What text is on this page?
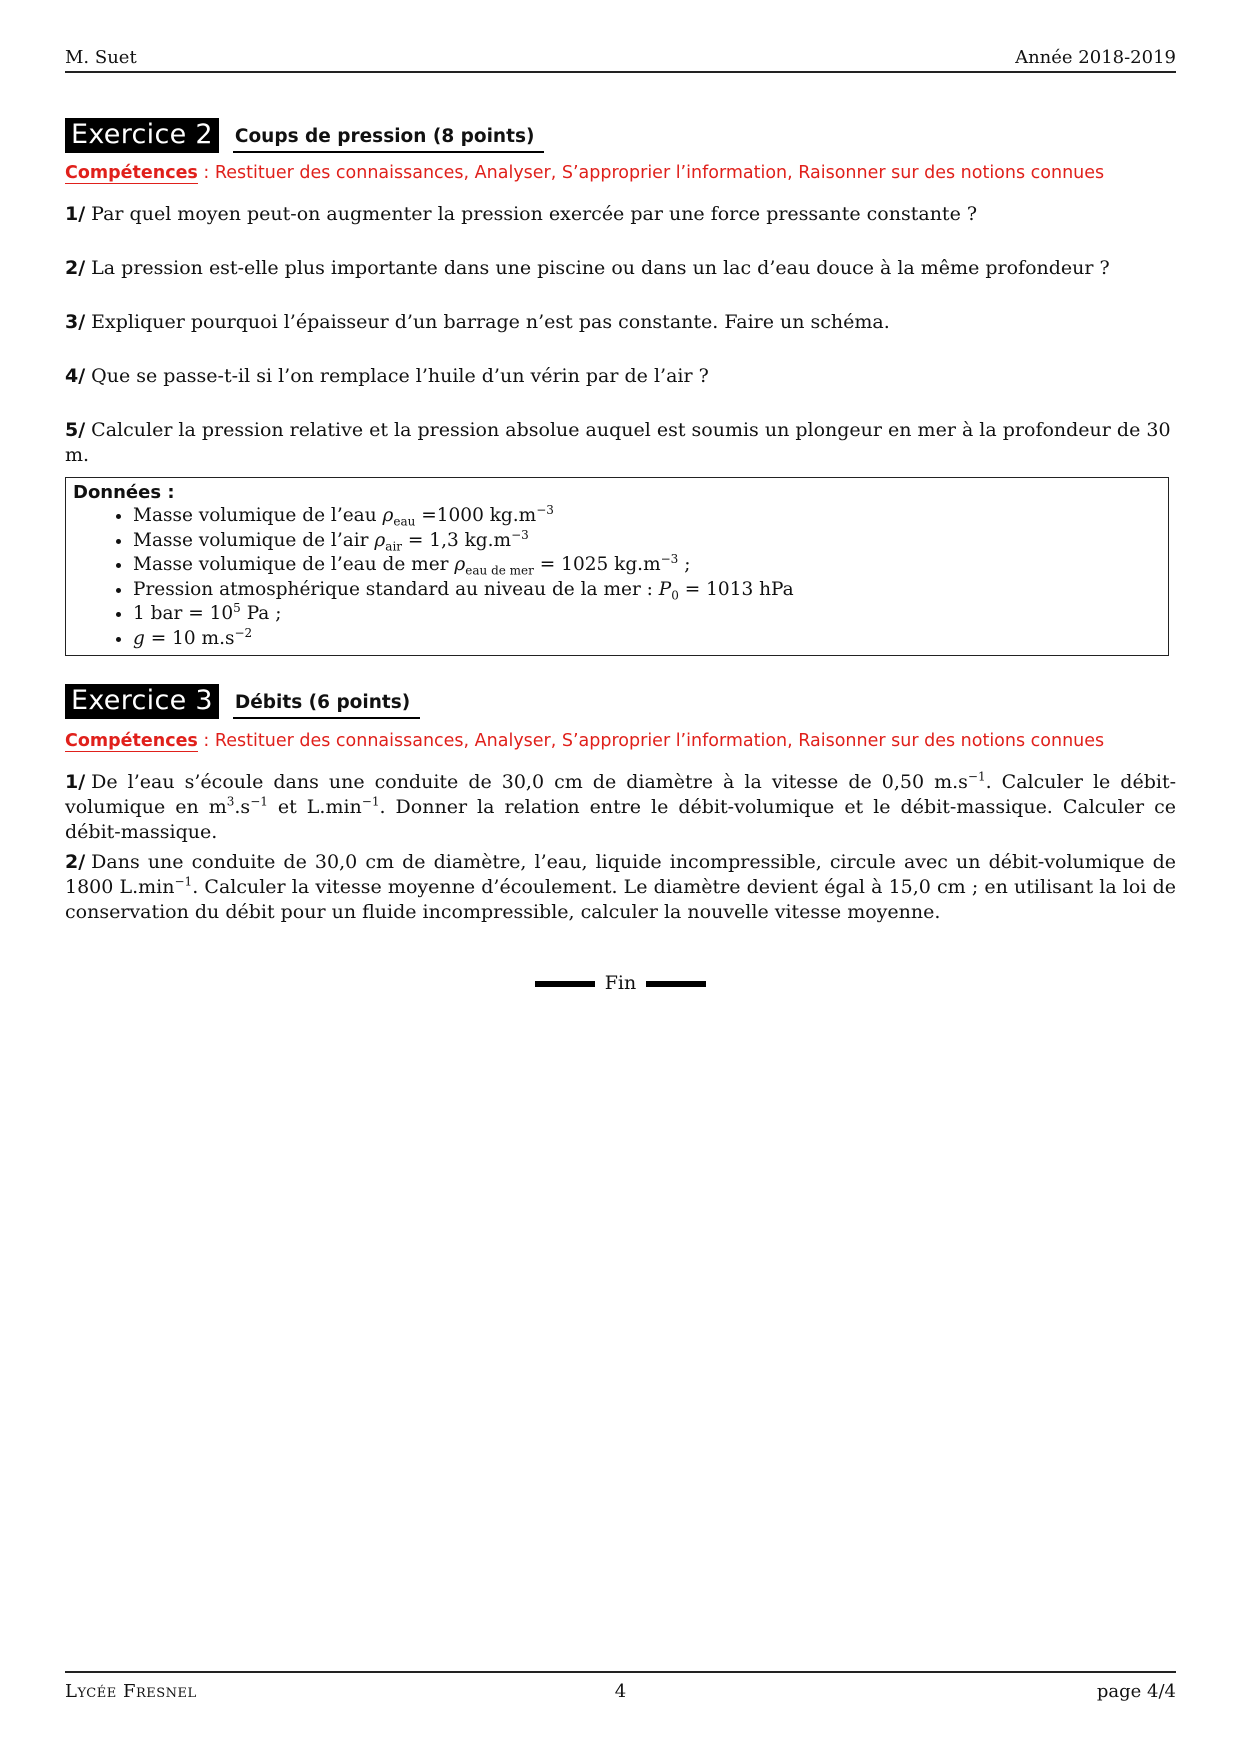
M. Suet	Année 2018-2019
Exercice 2	Coups de pression (8 points)
Compétences : Restituer des connaissances, Analyser, S’approprier l’information, Raisonner sur des notions connues
1/ Par quel moyen peut-on augmenter la pression exercée par une force pressante constante ?
2/ La pression est-elle plus importante dans une piscine ou dans un lac d’eau douce à la même profondeur ?
3/ Expliquer pourquoi l’épaisseur d’un barrage n’est pas constante. Faire un schéma.
4/ Que se passe-t-il si l’on remplace l’huile d’un vérin par de l’air ?
5/ Calculer la pression relative et la pression absolue auquel est soumis un plongeur en mer à la profondeur de 30 m.
Données :
• Masse volumique de l’eau $\rho_{eau} =1000$ $kg.m^{-3}$
• Masse volumique de l’air $\rho_{air} = 1,3$ $kg.m^{-3}$
• Masse volumique de l’eau de mer $\rho_{eau de mer} = 1025$ $kg.m^{-3}$ ;
• Pression atmosphérique standard au niveau de la mer : $P_0 = 1013$ hPa
• 1 bar = $10^5$ Pa ;
• g = 10 $m.s^{-2}$
Exercice 3	Débits (6 points)
Compétences : Restituer des connaissances, Analyser, S’approprier l’information, Raisonner sur des notions connues
1/ De l’eau s’écoule dans une conduite de 30,0 cm de diamètre à la vitesse de 0,50 $m.s^{-1}$. Calculer le débit-volumique en $m^3.s^{-1}$ et $L.\min^{-1}$. Donner la relation entre le débit-volumique et le débit-massique. Calculer ce débit-massique.
2/ Dans une conduite de 30,0 cm de diamètre, l’eau, liquide incompressible, circule avec un débit-volumique de 1800 $L.\min^{-1}$. Calculer la vitesse moyenne d’écoulement. Le diamètre devient égal à 15,0 cm ; en utilisant la loi de conservation du débit pour un fluide incompressible, calculer la nouvelle vitesse moyenne.
Fin
Lycée Fresnel	4	page 4/4
